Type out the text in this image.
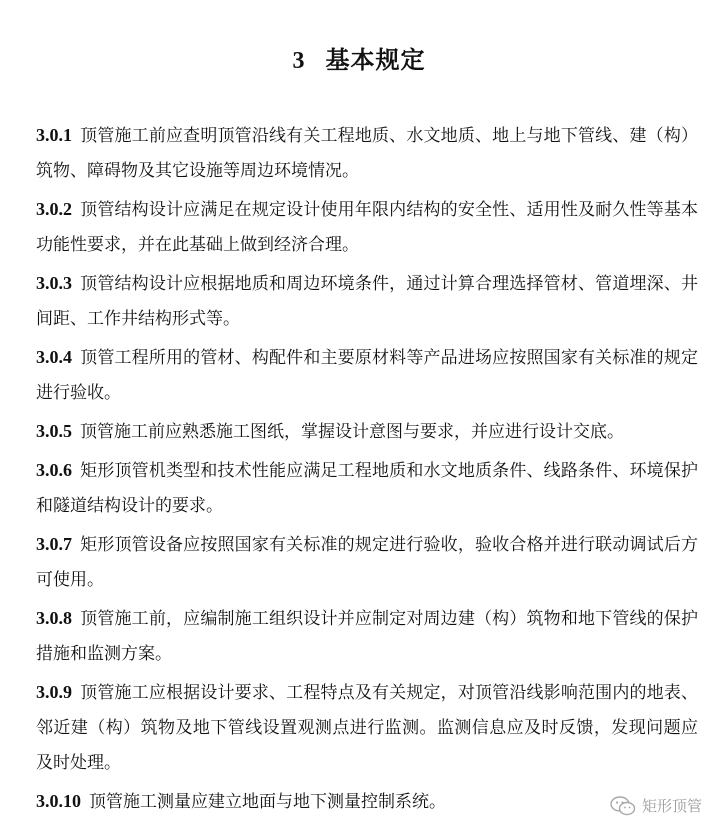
3 基本规定

3.0.1 顶管施工前应查明顶管沿线有关工程地质、水文地质、地上与地下管线、建（构）筑物、障碍物及其它设施等周边环境情况。

3.0.2 顶管结构设计应满足在规定设计使用年限内结构的安全性、适用性及耐久性等基本功能性要求，并在此基础上做到经济合理。

3.0.3 顶管结构设计应根据地质和周边环境条件，通过计算合理选择管材、管道埋深、井间距、工作井结构形式等。

3.0.4 顶管工程所用的管材、构配件和主要原材料等产品进场应按照国家有关标准的规定进行验收。

3.0.5 顶管施工前应熟悉施工图纸，掌握设计意图与要求，并应进行设计交底。

3.0.6 矩形顶管机类型和技术性能应满足工程地质和水文地质条件、线路条件、环境保护和隧道结构设计的要求。

3.0.7 矩形顶管设备应按照国家有关标准的规定进行验收，验收合格并进行联动调试后方可使用。

3.0.8 顶管施工前，应编制施工组织设计并应制定对周边建（构）筑物和地下管线的保护措施和监测方案。

3.0.9 顶管施工应根据设计要求、工程特点及有关规定，对顶管沿线影响范围内的地表、邻近建（构）筑物及地下管线设置观测点进行监测。监测信息应及时反馈，发现问题应及时处理。

3.0.10 顶管施工测量应建立地面与地下测量控制系统。	矩形顶管
